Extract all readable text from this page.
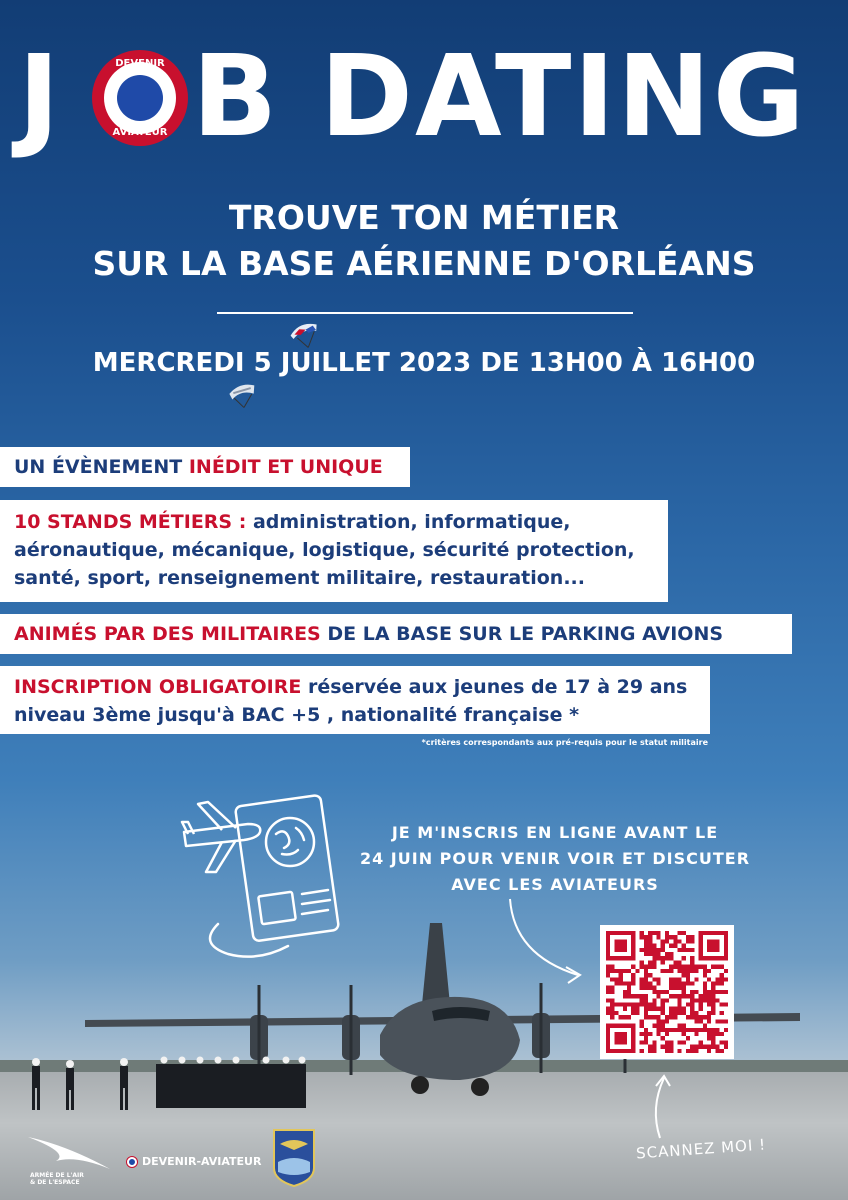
J B DATING
DEVENIR
AVIATEUR
TROUVE TON MÉTIER
SUR LA BASE AÉRIENNE D'ORLÉANS
MERCREDI 5 JUILLET 2023 DE 13H00 À 16H00
UN ÉVÈNEMENT INÉDIT ET UNIQUE
10 STANDS MÉTIERS : administration, informatique, aéronautique, mécanique, logistique, sécurité protection, santé, sport, renseignement militaire, restauration...
ANIMÉS PAR DES MILITAIRES DE LA BASE SUR LE PARKING AVIONS
INSCRIPTION OBLIGATOIRE réservée aux jeunes de 17 à 29 ans niveau 3ème jusqu'à BAC +5 , nationalité française *
*critères correspondants aux pré-requis pour le statut militaire
JE M'INSCRIS EN LIGNE AVANT LE
24 JUIN POUR VENIR VOIR ET DISCUTER
AVEC LES AVIATEURS
SCANNEZ MOI !
ARMÉE DE L'AIR
& DE L'ESPACE
DEVENIR-AVIATEUR
